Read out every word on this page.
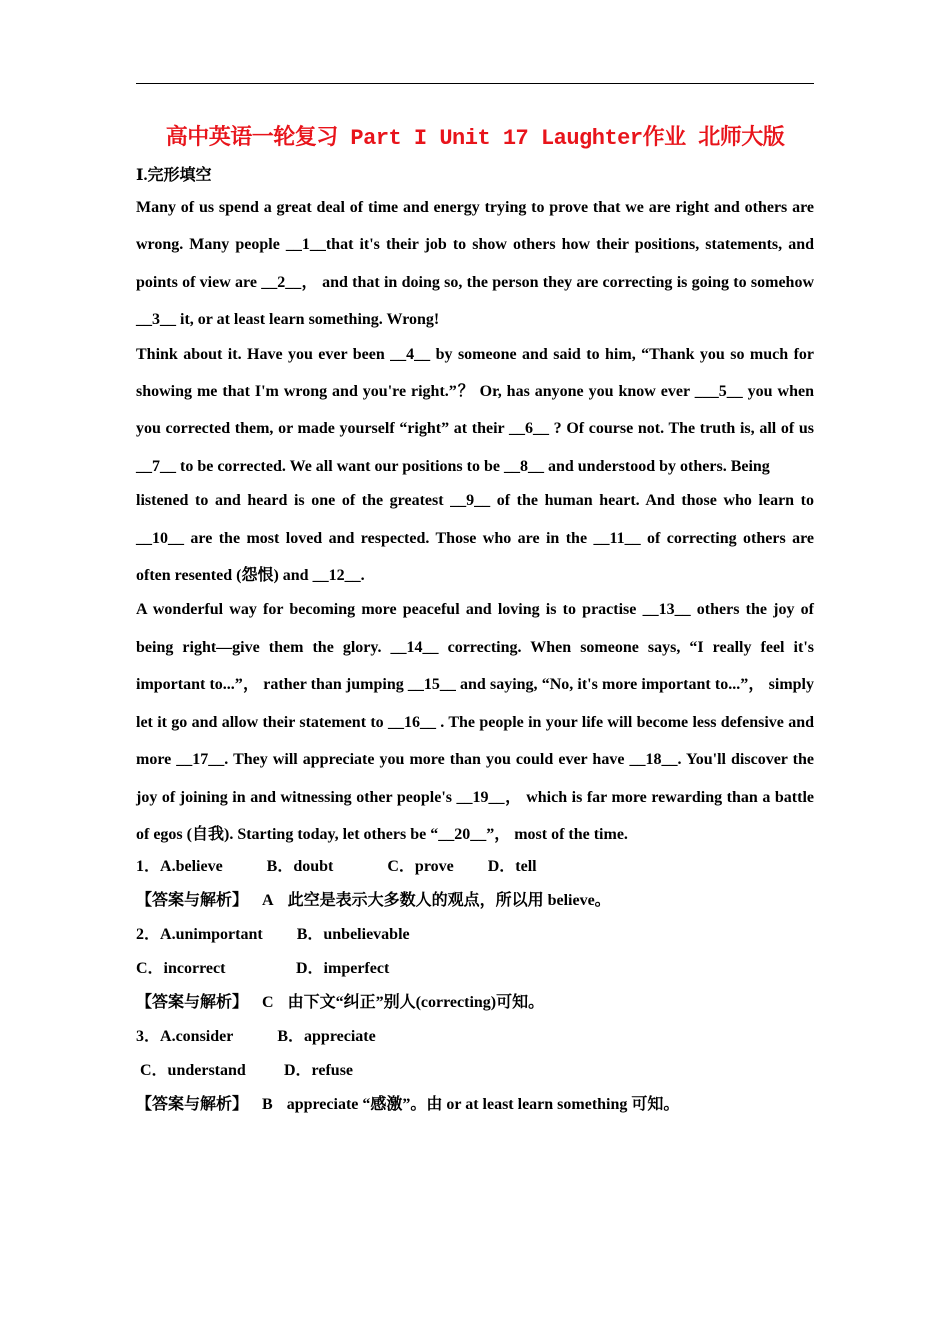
高中英语一轮复习 Part I Unit 17 Laughter作业 北师大版
Ⅰ.完形填空

Many of us spend a great deal of time and energy trying to prove that we are right and others are wrong. Many people __1__that it's their job to show others how their positions, statements, and points of view are __2__， and that in doing so, the person they are correcting is going to somehow __3__ it, or at least learn something. Wrong!

Think about it. Have you ever been __4__ by someone and said to him, “Thank you so much for showing me that I'm wrong and you're right.”？ Or, has anyone you know ever ___5__ you when you corrected them, or made yourself “right” at their __6__ ? Of course not. The truth is, all of us __7__ to be corrected. We all want our positions to be __8__ and understood by others. Being

listened to and heard is one of the greatest __9__ of the human heart. And those who learn to __10__ are the most loved and respected. Those who are in the __11__ of correcting others are often resented (怨恨) and __12__.

A wonderful way for becoming more peaceful and loving is to practise __13__ others the joy of being right—give them the glory. __14__ correcting. When someone says, “I really feel it's important to...”， rather than jumping __15__ and saying, “No, it's more important to...”， simply let it go and allow their statement to __16__ . The people in your life will become less defensive and more __17__. They will appreciate you more than you could ever have __18__. You'll discover the joy of joining in and witnessing other people's __19__， which is far more rewarding than a battle of egos (自我). Starting today, let others be “__20__”， most of the time.

1．A.believe	B．doubt	C．prove D．tell

【答案与解析】 A 此空是表示大多数人的观点，所以用 believe。

2．A.unimportant B．unbelievable

C．incorrect	D．imperfect

【答案与解析】 C 由下文“纠正”别人(correcting)可知。

3．A.consider	B．appreciate

C．understand D．refuse

【答案与解析】 B appreciate “感激”。由 or at least learn something 可知。
